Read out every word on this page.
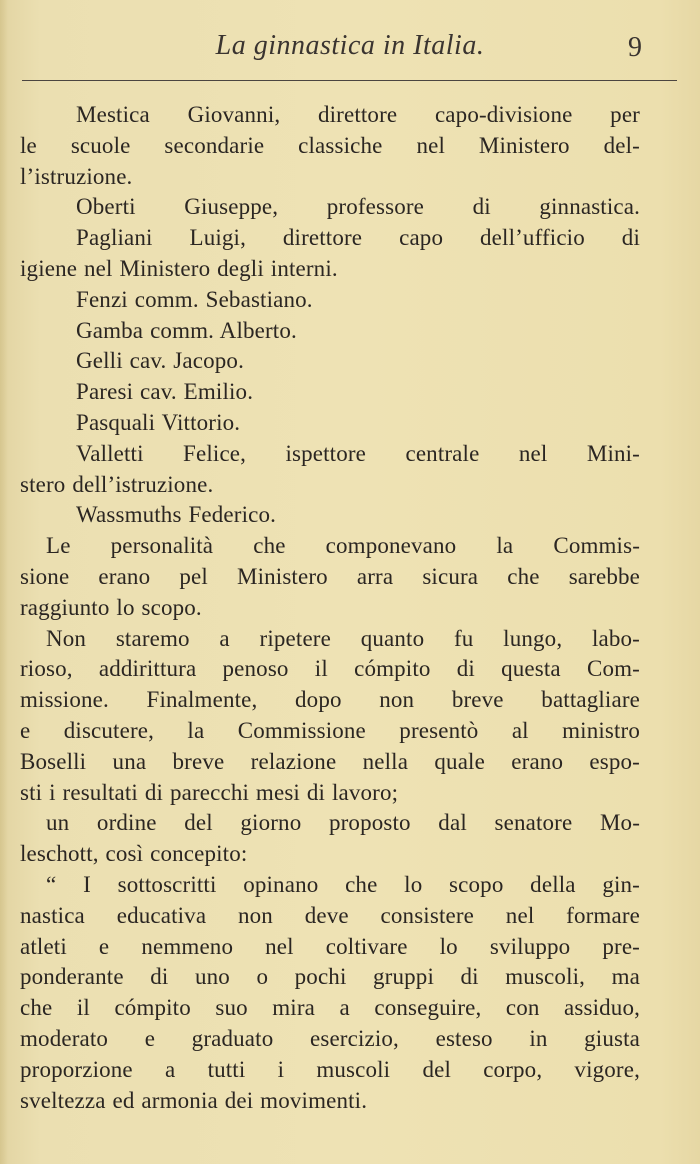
La ginnastica in Italia.	9
Mestica Giovanni, direttore capo-divisione per
le scuole secondarie classiche nel Ministero del-
l’istruzione.
Oberti Giuseppe, professore di ginnastica.
Pagliani Luigi, direttore capo dell’ufficio di
igiene nel Ministero degli interni.
Fenzi comm. Sebastiano.
Gamba comm. Alberto.
Gelli cav. Jacopo.
Paresi cav. Emilio.
Pasquali Vittorio.
Valletti Felice, ispettore centrale nel Mini-
stero dell’istruzione.
Wassmuths Federico.
Le personalità che componevano la Commis-
sione erano pel Ministero arra sicura che sarebbe
raggiunto lo scopo.
Non staremo a ripetere quanto fu lungo, labo-
rioso, addirittura penoso il cómpito di questa Com-
missione. Finalmente, dopo non breve battagliare
e discutere, la Commissione presentò al ministro
Boselli una breve relazione nella quale erano espo-
sti i resultati di parecchi mesi di lavoro;
un ordine del giorno proposto dal senatore Mo-
leschott, così concepito:
“ I sottoscritti opinano che lo scopo della gin-
nastica educativa non deve consistere nel formare
atleti e nemmeno nel coltivare lo sviluppo pre-
ponderante di uno o pochi gruppi di muscoli, ma
che il cómpito suo mira a conseguire, con assiduo,
moderato e graduato esercizio, esteso in giusta
proporzione a tutti i muscoli del corpo, vigore,
sveltezza ed armonia dei movimenti.
